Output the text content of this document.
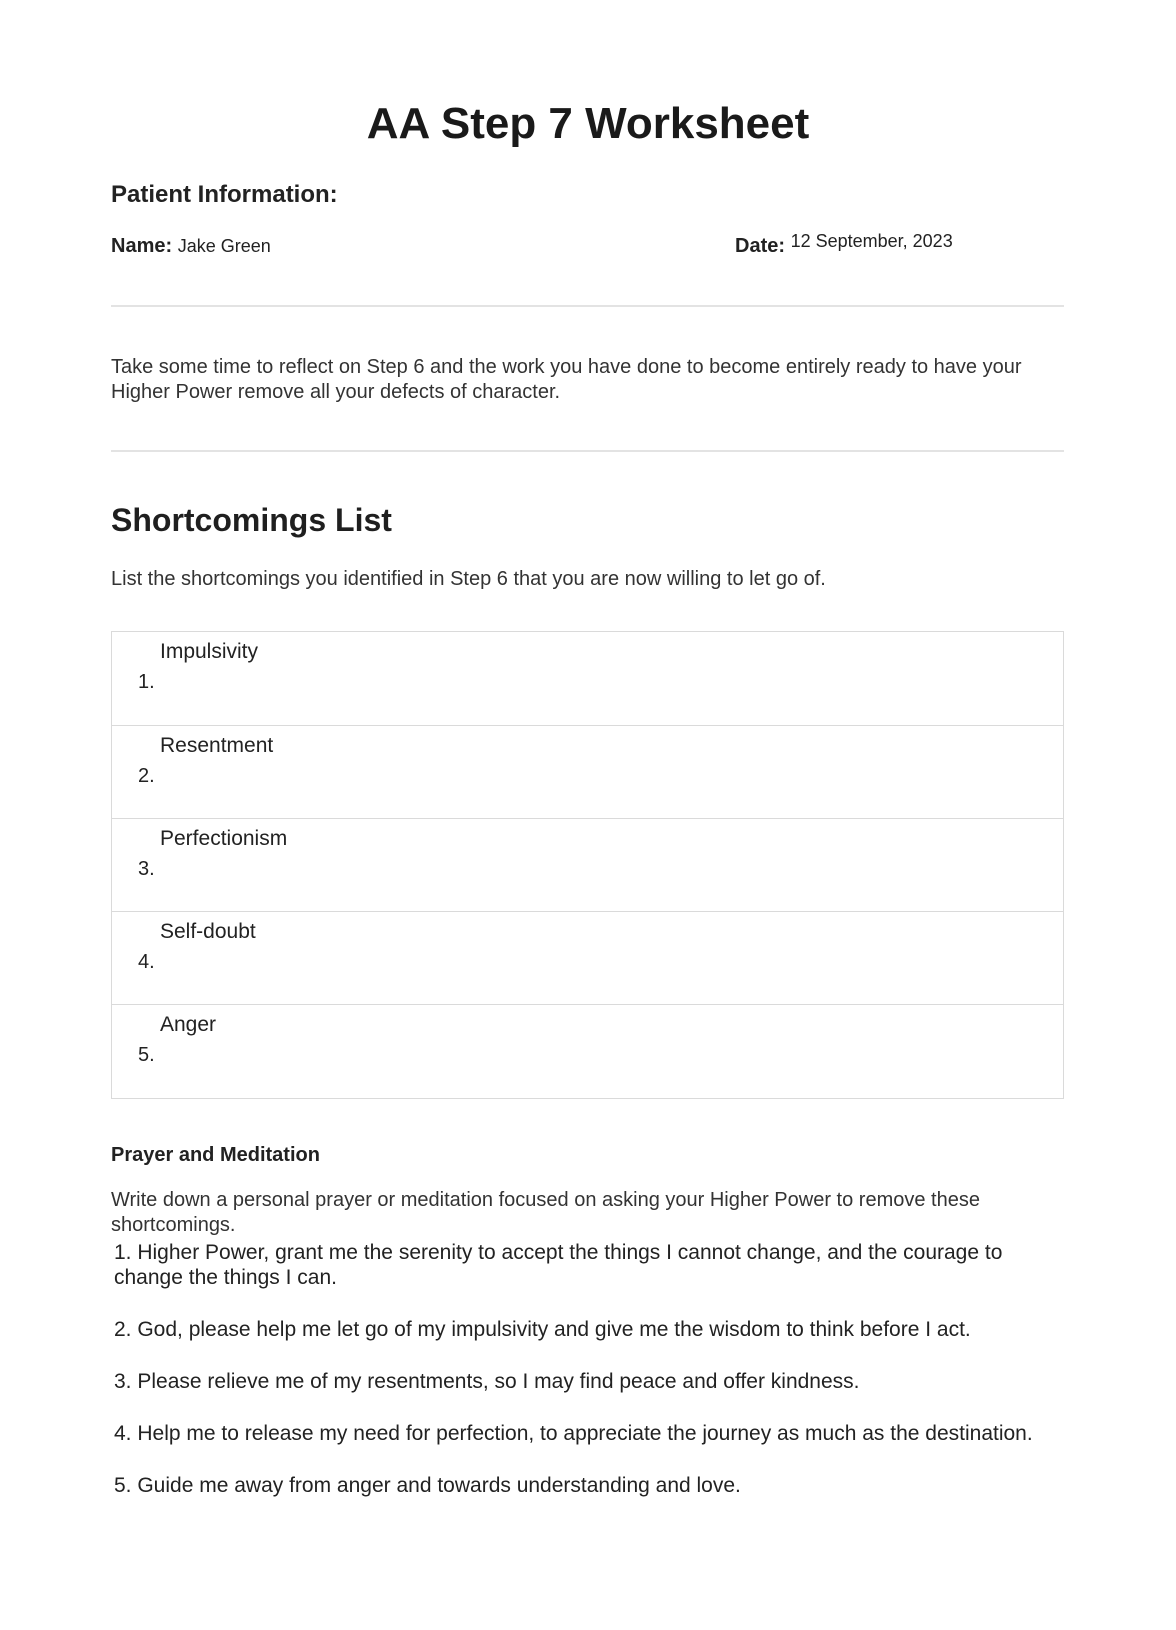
AA Step 7 Worksheet
Patient Information:
Name: Jake Green	Date: 12 September, 2023
Take some time to reflect on Step 6 and the work you have done to become entirely ready to have your Higher Power remove all your defects of character.
Shortcomings List
List the shortcomings you identified in Step 6 that you are now willing to let go of.
Impulsivity
1.
Resentment
2.
Perfectionism
3.
Self-doubt
4.
Anger
5.
Prayer and Meditation
Write down a personal prayer or meditation focused on asking your Higher Power to remove these shortcomings.

1. Higher Power, grant me the serenity to accept the things I cannot change, and the courage to change the things I can.

2. God, please help me let go of my impulsivity and give me the wisdom to think before I act.

3. Please relieve me of my resentments, so I may find peace and offer kindness.

4. Help me to release my need for perfection, to appreciate the journey as much as the destination.

5. Guide me away from anger and towards understanding and love.
